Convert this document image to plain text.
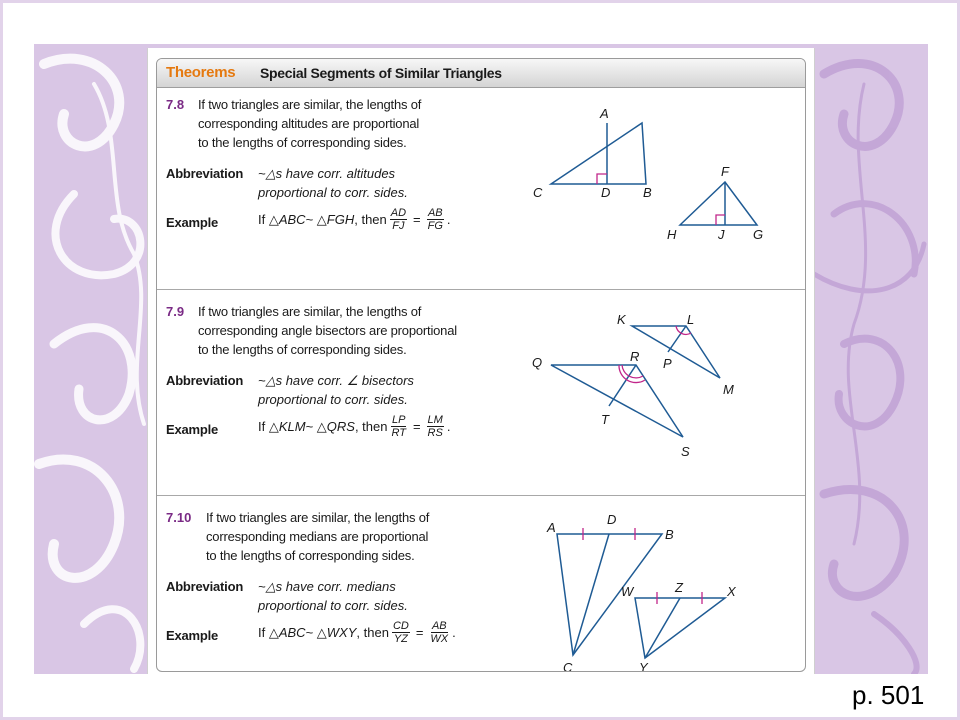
Theorems Special Segments of Similar Triangles
7.8 If two triangles are similar, the lengths of
corresponding altitudes are proportional
to the lengths of corresponding sides.
Abbreviation ~△s have corr. altitudes
proportional to corr. sides.
Example	If △ ABC ~ △ FGH , then $\frac{AD}{FJ} = \frac{AB}{FG}$ .
A
C	D	B
F
H	J G
7.9 If two triangles are similar, the lengths of
corresponding angle bisectors are proportional
to the lengths of corresponding sides.
Abbreviation ~△s have corr. ∠ bisectors
proportional to corr. sides.
Example	If △ KLM ~ △ QRS , then $\frac{LP}{RT} = \frac{LM}{RS}$ .
K	L
P
M
Q	R
T
S
7.10 If two triangles are similar, the lengths of
corresponding medians are proportional
to the lengths of corresponding sides.
Abbreviation ~△s have corr. medians
proportional to corr. sides.
Example	If △ ABC ~ △ WXY , then $\frac{CD}{YZ} = \frac{AB}{WX}$ .
A
D
B
C
W	Z	X
Y
p. 501
